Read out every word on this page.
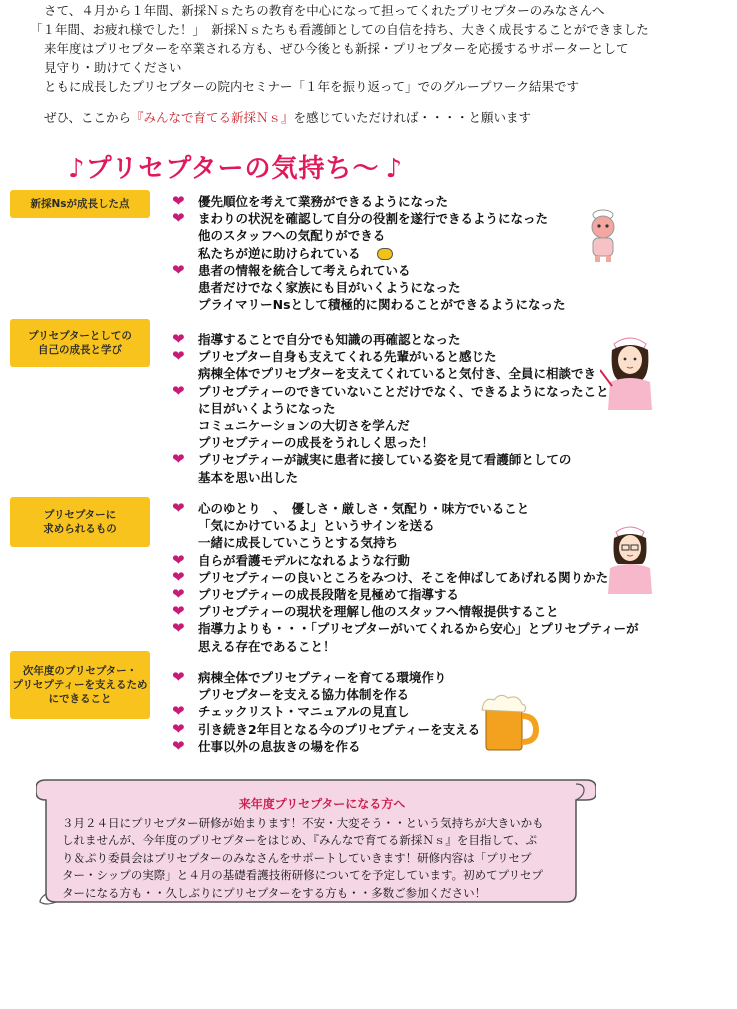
さて、４月から１年間、新採Ｎｓたちの教育を中心になって担ってくれたプリセプターのみなさんへ
「１年間、お疲れ様でした！」　新採Ｎｓたちも看護師としての自信を持ち、大きく成長することができました
来年度はプリセプターを卒業される方も、ぜひ今後とも新採・プリセプターを応援するサポーターとして
見守り・助けてください
ともに成長したプリセプターの院内セミナー「１年を振り返って」でのグループワーク結果です
ぜひ、ここから『みんなで育てる新採Ｎｓ』を感じていただければ・・・・と願います
♪プリセプターの気持ち～ ♪
新採Nsが成長した点	❤ 優先順位を考えて業務ができるようになった
❤ まわりの状況を確認して自分の役割を遂行できるようになった
他のスタッフへの気配りができる
私たちが逆に助けられている
❤ 患者の情報を統合して考えられている
患者だけでなく家族にも目がいくようになった
プライマリーNsとして積極的に関わることができるようになった
プリセプターとしての
自己の成長と学び
❤ 指導することで自分でも知識の再確認となった
❤ プリセプター自身も支えてくれる先輩がいると感じた
病棟全体でプリセプターを支えてくれていると気付き、全員に相談でき
❤ プリセプティーのできていないことだけでなく、できるようになったこと
に目がいくようになった
コミュニケーションの大切さを学んだ
プリセプティーの成長をうれしく思った！
❤ プリセプティーが誠実に患者に接している姿を見て看護師としての
基本を思い出した
プリセプターに
求められるもの
❤ 心のゆとり　、　優しさ・厳しさ・気配り・味方でいること
「気にかけているよ」というサインを送る
一緒に成長していこうとする気持ち
❤ 自らが看護モデルになれるような行動
❤ プリセプティーの良いところをみつけ、そこを伸ばしてあげれる関りかた
❤ プリセプティーの成長段階を見極めて指導する
❤ プリセプティーの現状を理解し他のスタッフへ情報提供すること
❤ 指導力よりも・・・「プリセプターがいてくれるから安心」とプリセプティーが
思える存在であること！
次年度のプリセプター・
プリセプティーを支えるため
にできること
❤ 病棟全体でプリセプティーを育てる環境作り
プリセプターを支える協力体制を作る
❤ チェックリスト・マニュアルの見直し
❤ 引き続き2年目となる今のプリセプティーを支える
❤ 仕事以外の息抜きの場を作る
来年度プリセプターになる方へ
３月２４日にプリセプター研修が始まります！不安・大変そう・・という気持ちが大きいかも
しれませんが、今年度のプリセプターをはじめ、『みんなで育てる新採Ｎｓ』を目指して、ぷ
り＆ぷり委員会はプリセプターのみなさんをサポートしていきます！研修内容は「プリセプ
ター・シップの実際」と４月の基礎看護技術研修についてを予定しています。初めてプリセプ
ターになる方も・・久しぶりにプリセプターをする方も・・多数ご参加ください！
